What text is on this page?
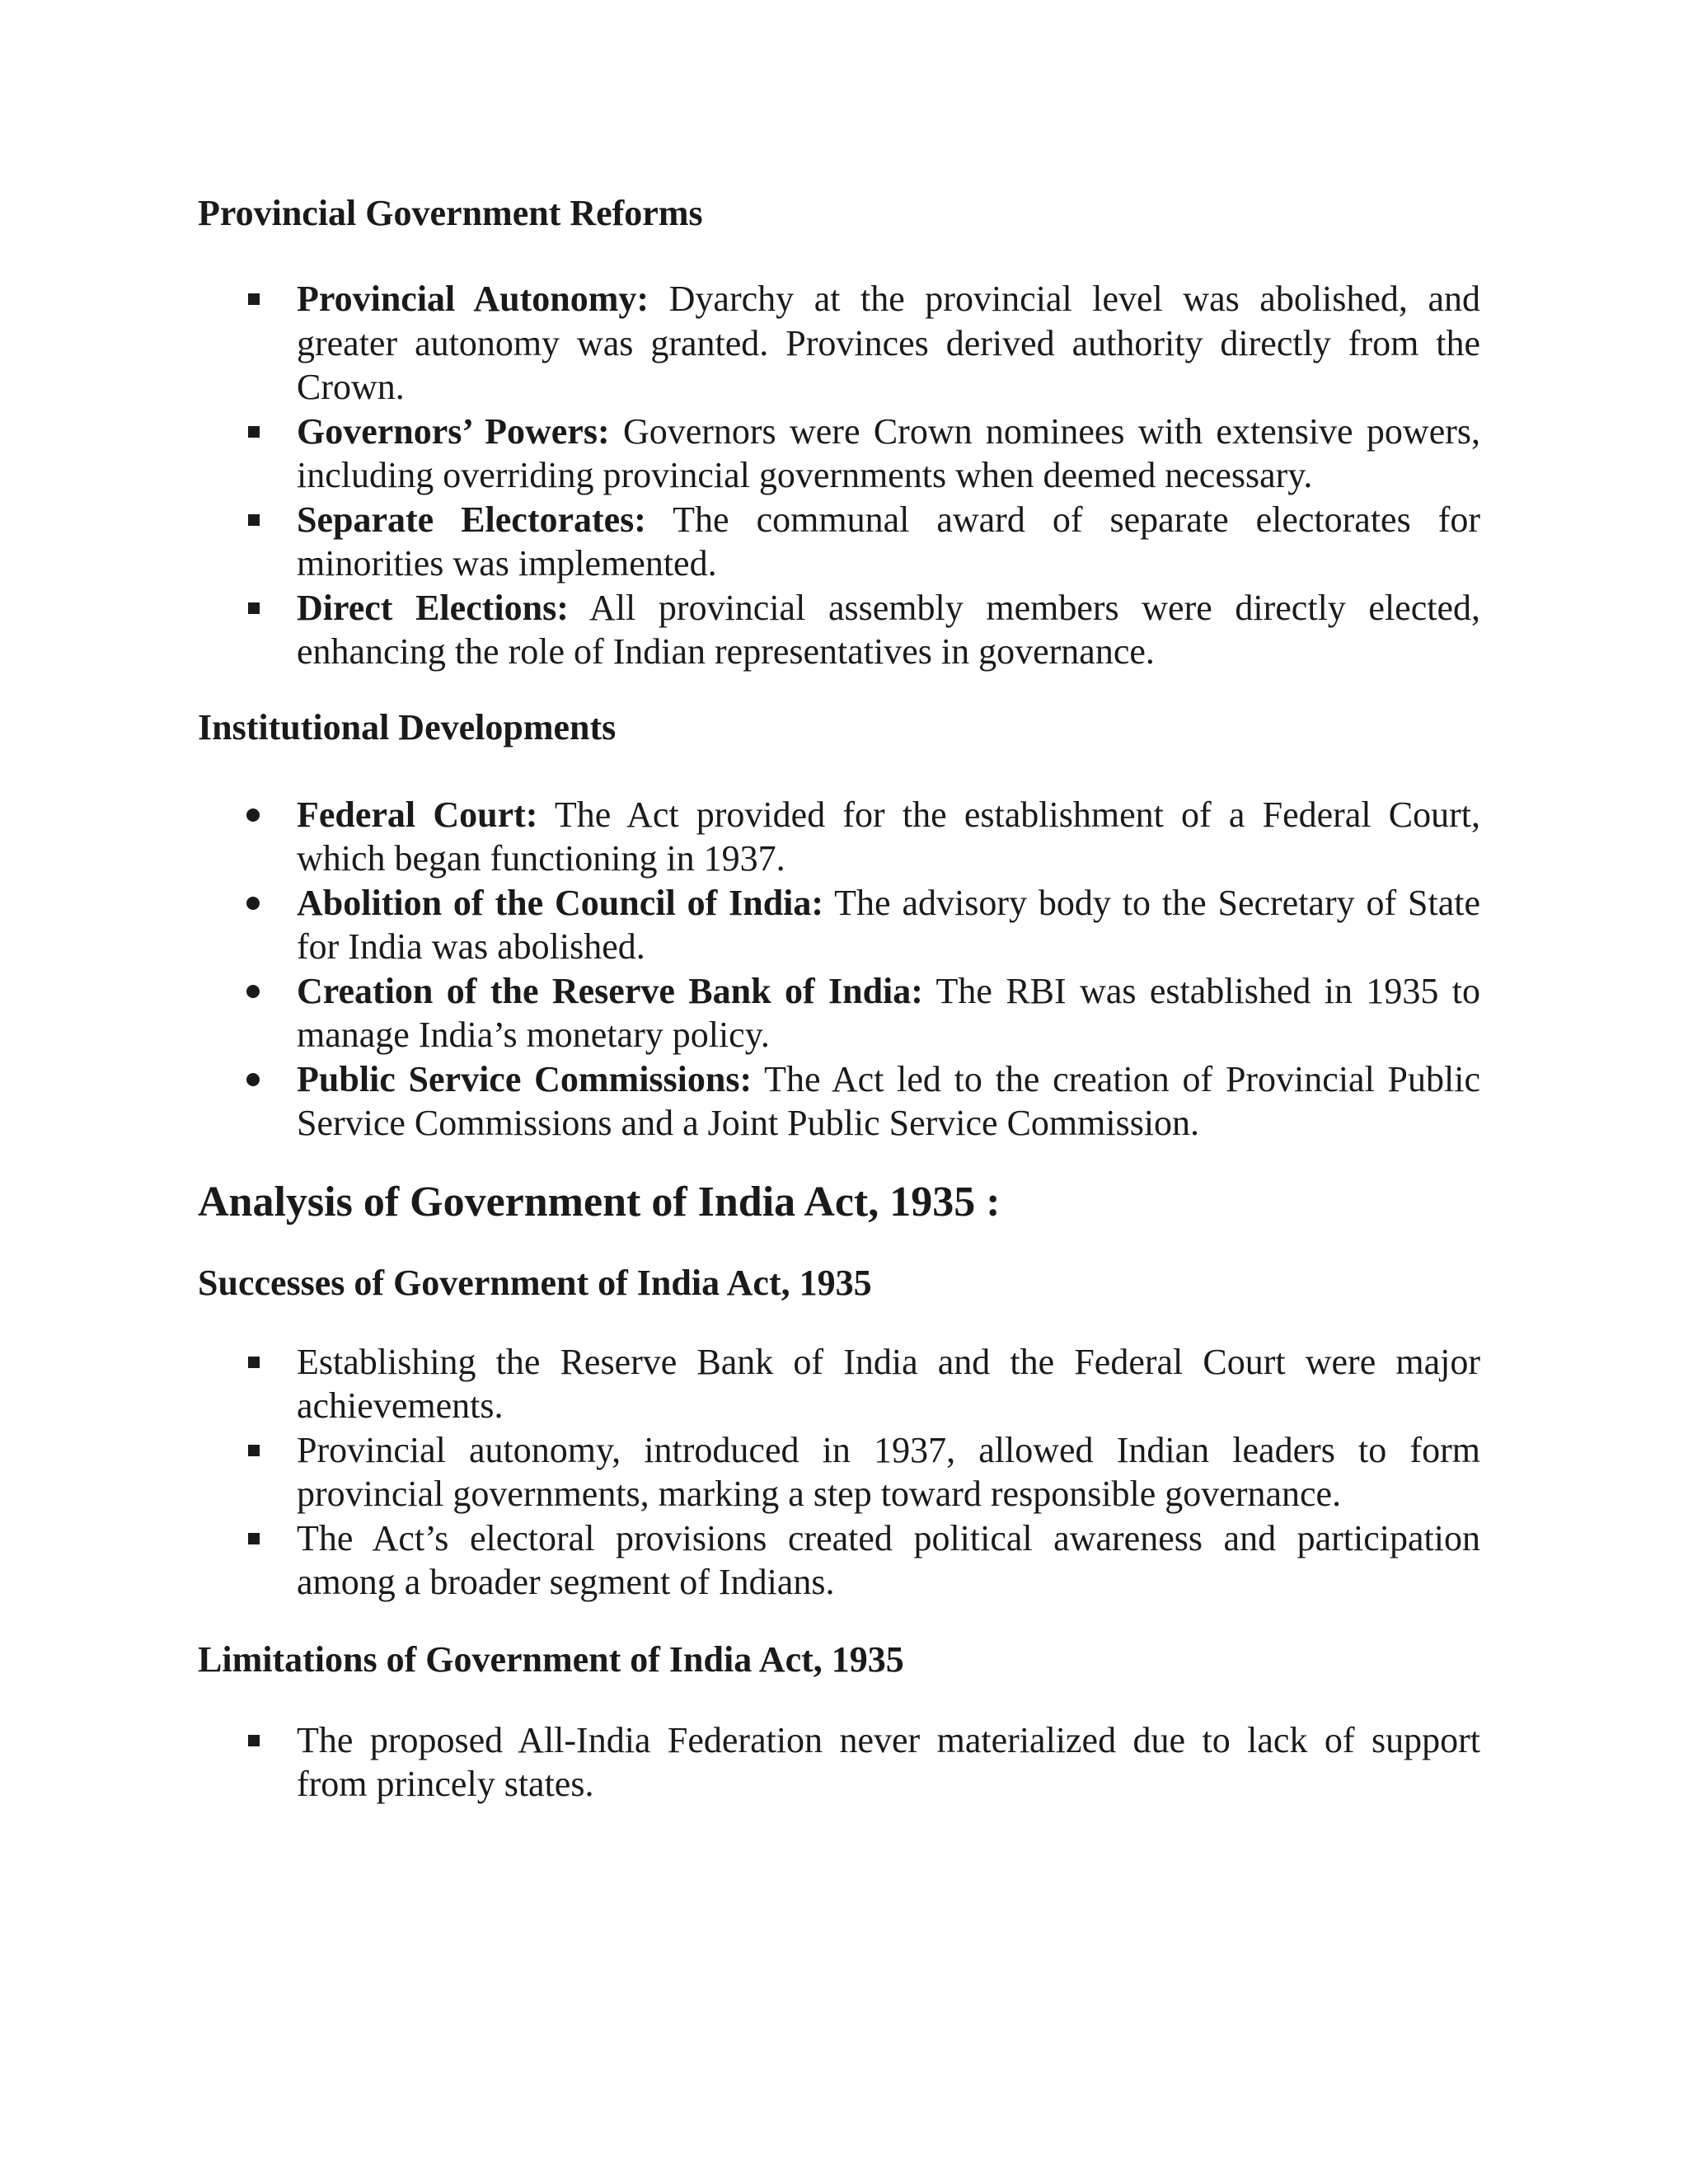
Provincial Government Reforms
Provincial Autonomy: Dyarchy at the provincial level was abolished, and greater autonomy was granted. Provinces derived authority directly from the Crown.
Governors’ Powers: Governors were Crown nominees with extensive powers, including overriding provincial governments when deemed necessary.
Separate Electorates: The communal award of separate electorates for minorities was implemented.
Direct Elections: All provincial assembly members were directly elected, enhancing the role of Indian representatives in governance.
Institutional Developments
Federal Court: The Act provided for the establishment of a Federal Court, which began functioning in 1937.
Abolition of the Council of India: The advisory body to the Secretary of State for India was abolished.
Creation of the Reserve Bank of India: The RBI was established in 1935 to manage India’s monetary policy.
Public Service Commissions: The Act led to the creation of Provincial Public Service Commissions and a Joint Public Service Commission.
Analysis of Government of India Act, 1935 :
Successes of Government of India Act, 1935
Establishing the Reserve Bank of India and the Federal Court were major achievements.
Provincial autonomy, introduced in 1937, allowed Indian leaders to form provincial governments, marking a step toward responsible governance.
The Act’s electoral provisions created political awareness and participation among a broader segment of Indians.
Limitations of Government of India Act, 1935
The proposed All-India Federation never materialized due to lack of support from princely states.
